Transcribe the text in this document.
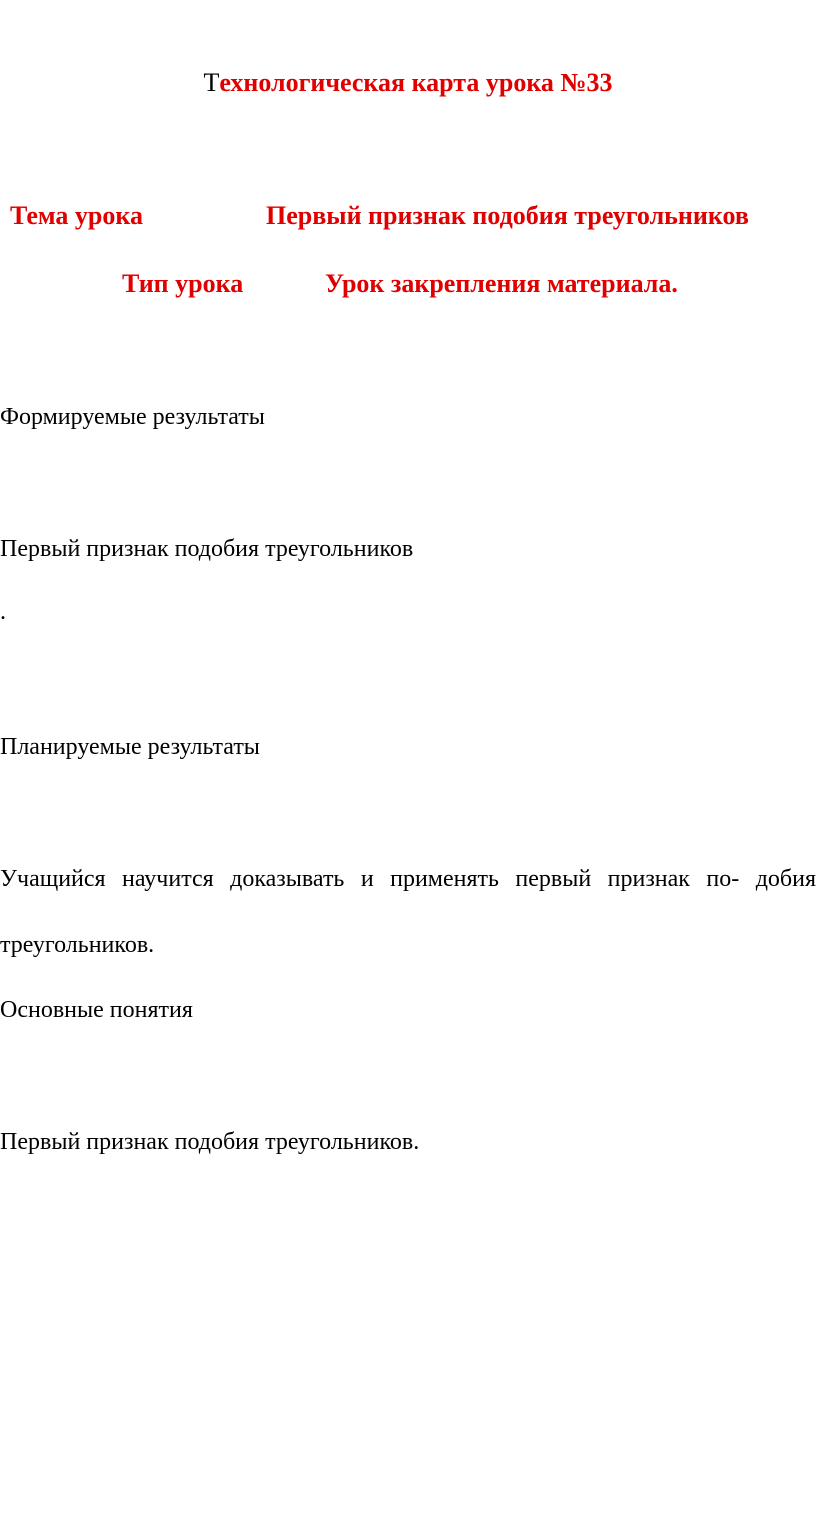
Технологическая карта урока №33
Тема урока	Первый признак подобия треугольников
Тип урока	Урок закрепления материала.
Формируемые результаты
Первый признак подобия треугольников
.
Планируемые результаты
Учащийся научится доказывать и применять первый признак по- добия
треугольников.
Основные понятия
Первый признак подобия треугольников.
